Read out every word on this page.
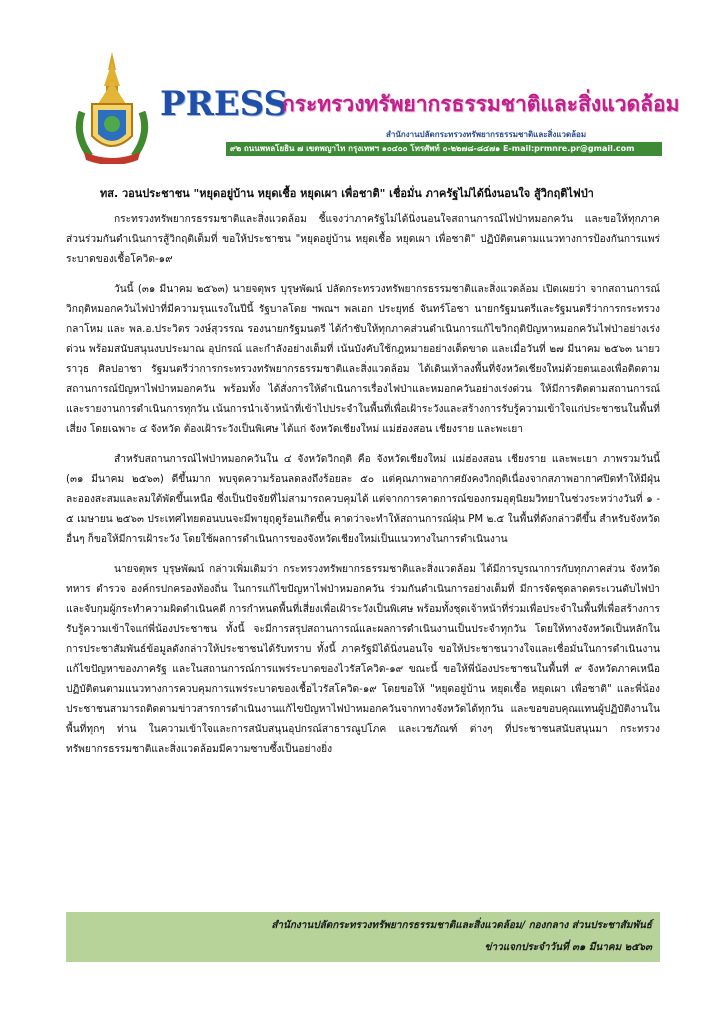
PRESS
กระทรวงทรัพยากรธรรมชาติและสิ่งแวดล้อม
สำนักงานปลัดกระทรวงทรัพยากรธรรมชาติและสิ่งแวดล้อม
๙๒ ถนนพหลโยธิน ๗ เขตพญาไท กรุงเทพฯ ๑๐๔๐๐ โทรศัพท์ ๐-๒๒๗๘-๘๔๗๑ E-mail:prmnre.pr@gmail.com
ทส. วอนประชาชน "หยุดอยู่บ้าน หยุดเชื้อ หยุดเผา เพื่อชาติ" เชื่อมั่น ภาครัฐไม่ได้นิ่งนอนใจ สู้วิกฤติไฟป่า

กระทรวงทรัพยากรธรรมชาติและสิ่งแวดล้อม ชี้แจงว่าภาครัฐไม่ได้นิ่งนอนใจสถานการณ์ไฟป่าหมอกควัน และขอให้ทุกภาคส่วนร่วมกันดำเนินการสู้วิกฤติเต็มที่ ขอให้ประชาชน "หยุดอยู่บ้าน หยุดเชื้อ หยุดเผา เพื่อชาติ" ปฏิบัติตนตามแนวทางการป้องกันการแพร่ระบาดของเชื้อโควิด-๑๙

วันนี้ (๓๑ มีนาคม ๒๕๖๓) นายจตุพร บุรุษพัฒน์ ปลัดกระทรวงทรัพยากรธรรมชาติและสิ่งแวดล้อม เปิดเผยว่า จากสถานการณ์วิกฤติหมอกควันไฟป่าที่มีความรุนแรงในปีนี้ รัฐบาลโดย ฯพณฯ พลเอก ประยุทธ์ จันทร์โอชา นายกรัฐมนตรีและรัฐมนตรีว่าการกระทรวงกลาโหม และ พล.อ.ประวิตร วงษ์สุวรรณ รองนายกรัฐมนตรี ได้กำชับให้ทุกภาคส่วนดำเนินการแก้ไขวิกฤติปัญหาหมอกควันไฟป่าอย่างเร่งด่วน พร้อมสนับสนุนงบประมาณ อุปกรณ์ และกำลังอย่างเต็มที่ เน้นบังคับใช้กฎหมายอย่างเด็ดขาด และเมื่อวันที่ ๒๗ มีนาคม ๒๕๖๓ นายวราวุธ ศิลปอาชา รัฐมนตรีว่าการกระทรวงทรัพยากรธรรมชาติและสิ่งแวดล้อม ได้เดินเท้าลงพื้นที่จังหวัดเชียงใหม่ด้วยตนเองเพื่อติดตามสถานการณ์ปัญหาไฟป่าหมอกควัน พร้อมทั้ง ได้สั่งการให้ดำเนินการเรื่องไฟป่าและหมอกควันอย่างเร่งด่วน ให้มีการติดตามสถานการณ์และรายงานการดำเนินการทุกวัน เน้นการนำเจ้าหน้าที่เข้าไปประจำในพื้นที่เพื่อเฝ้าระวังและสร้างการรับรู้ความเข้าใจแก่ประชาชนในพื้นที่เสี่ยง โดยเฉพาะ ๔ จังหวัด ต้องเฝ้าระวังเป็นพิเศษ ได้แก่ จังหวัดเชียงใหม่ แม่ฮ่องสอน เชียงราย และพะเยา

สำหรับสถานการณ์ไฟป่าหมอกควันใน ๔ จังหวัดวิกฤติ คือ จังหวัดเชียงใหม่ แม่ฮ่องสอน เชียงราย และพะเยา ภาพรวมวันนี้ (๓๑ มีนาคม ๒๕๖๓) ดีขึ้นมาก พบจุดความร้อนลดลงถึงร้อยละ ๕๐ แต่คุณภาพอากาศยังคงวิกฤติเนื่องจากสภาพอากาศปิดทำให้มีฝุ่นละอองสะสมและลมใต้พัดขึ้นเหนือ ซึ่งเป็นปัจจัยที่ไม่สามารถควบคุมได้ แต่จากการคาดการณ์ของกรมอุตุนิยมวิทยาในช่วงระหว่างวันที่ ๑ - ๕ เมษายน ๒๕๖๓ ประเทศไทยตอนบนจะมีพายุฤดูร้อนเกิดขึ้น คาดว่าจะทำให้สถานการณ์ฝุ่น PM ๒.๕ ในพื้นที่ดังกล่าวดีขึ้น สำหรับจังหวัดอื่นๆ ก็ขอให้มีการเฝ้าระวัง โดยใช้ผลการดำเนินการของจังหวัดเชียงใหม่เป็นแนวทางในการดำเนินงาน

นายจตุพร บุรุษพัฒน์ กล่าวเพิ่มเติมว่า กระทรวงทรัพยากรธรรมชาติและสิ่งแวดล้อม ได้มีการบูรณาการกับทุกภาคส่วน จังหวัด ทหาร ตำรวจ องค์กรปกครองท้องถิ่น ในการแก้ไขปัญหาไฟป่าหมอกควัน ร่วมกันดำเนินการอย่างเต็มที่ มีการจัดชุดลาดตระเวนดับไฟป่าและจับกุมผู้กระทำความผิดดำเนินคดี การกำหนดพื้นที่เสี่ยงเพื่อเฝ้าระวังเป็นพิเศษ พร้อมทั้งชุดเจ้าหน้าที่ร่วมเพื่อประจำในพื้นที่เพื่อสร้างการรับรู้ความเข้าใจแก่พี่น้องประชาชน ทั้งนี้ จะมีการสรุปสถานการณ์และผลการดำเนินงานเป็นประจำทุกวัน โดยให้ทางจังหวัดเป็นหลักในการประชาสัมพันธ์ข้อมูลดังกล่าวให้ประชาชนได้รับทราบ ทั้งนี้ ภาครัฐมิได้นิ่งนอนใจ ขอให้ประชาชนวางใจและเชื่อมั่นในการดำเนินงานแก้ไขปัญหาของภาครัฐ และในสถานการณ์การแพร่ระบาดของไวรัสโควิด-๑๙ ขณะนี้ ขอให้พี่น้องประชาชนในพื้นที่ ๙ จังหวัดภาคเหนือ ปฏิบัติตนตามแนวทางการควบคุมการแพร่ระบาดของเชื้อไวรัสโควิด-๑๙ โดยขอให้ "หยุดอยู่บ้าน หยุดเชื้อ หยุดเผา เพื่อชาติ" และพี่น้องประชาชนสามารถติดตามข่าวสารการดำเนินงานแก้ไขปัญหาไฟป่าหมอกควันจากทางจังหวัดได้ทุกวัน และขอขอบคุณแทนผู้ปฏิบัติงานในพื้นที่ทุกๆ ท่าน ในความเข้าใจและการสนับสนุนอุปกรณ์สาธารณูปโภค และเวชภัณฑ์ ต่างๆ ที่ประชาชนสนับสนุนมา กระทรวงทรัพยากรธรรมชาติและสิ่งแวดล้อมมีความซาบซึ้งเป็นอย่างยิ่ง

สำนักงานปลัดกระทรวงทรัพยากรธรรมชาติและสิ่งแวดล้อม/ กองกลาง ส่วนประชาสัมพันธ์
ข่าวแจกประจำวันที่ ๓๑ มีนาคม ๒๕๖๓
